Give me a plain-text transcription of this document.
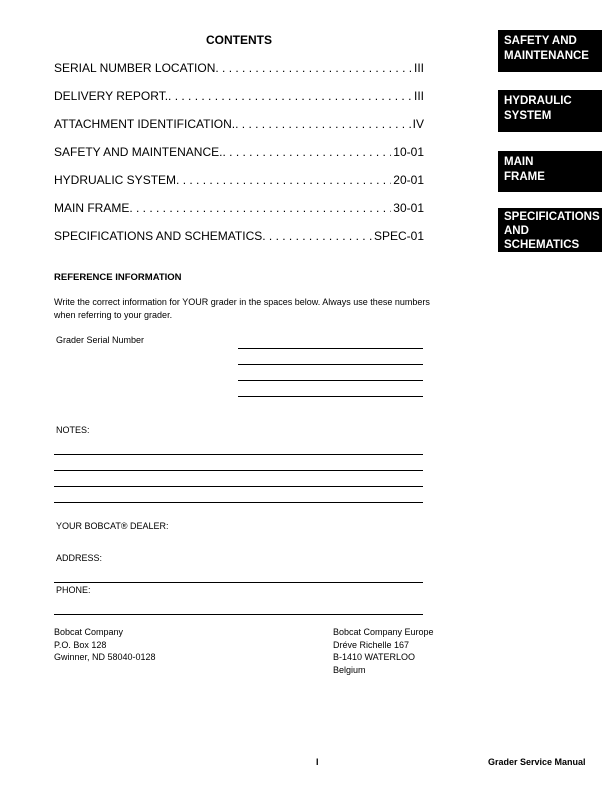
CONTENTS
SERIAL NUMBER LOCATION . . .	III
DELIVERY REPORT. . . .	III
ATTACHMENT IDENTIFICATION. . . .	IV
SAFETY AND MAINTENANCE. . . .	10-01
HYDRUALIC SYSTEM . . .	20-01
MAIN FRAME . . .	30-01
SPECIFICATIONS AND SCHEMATICS . . .	SPEC-01
SAFETY AND
MAINTENANCE
HYDRAULIC
SYSTEM
MAIN
FRAME
SPECIFICATIONS
AND
SCHEMATICS
REFERENCE INFORMATION
Write the correct information for YOUR grader in the spaces below. Always use these numbers when referring to your grader.
Grader Serial Number
NOTES:
YOUR BOBCAT® DEALER:
ADDRESS:
PHONE:
Bobcat Company
P.O. Box 128
Gwinner, ND 58040-0128
Bobcat Company Europe
Dréve Richelle 167
B-1410 WATERLOO
Belgium
I	Grader Service Manual
